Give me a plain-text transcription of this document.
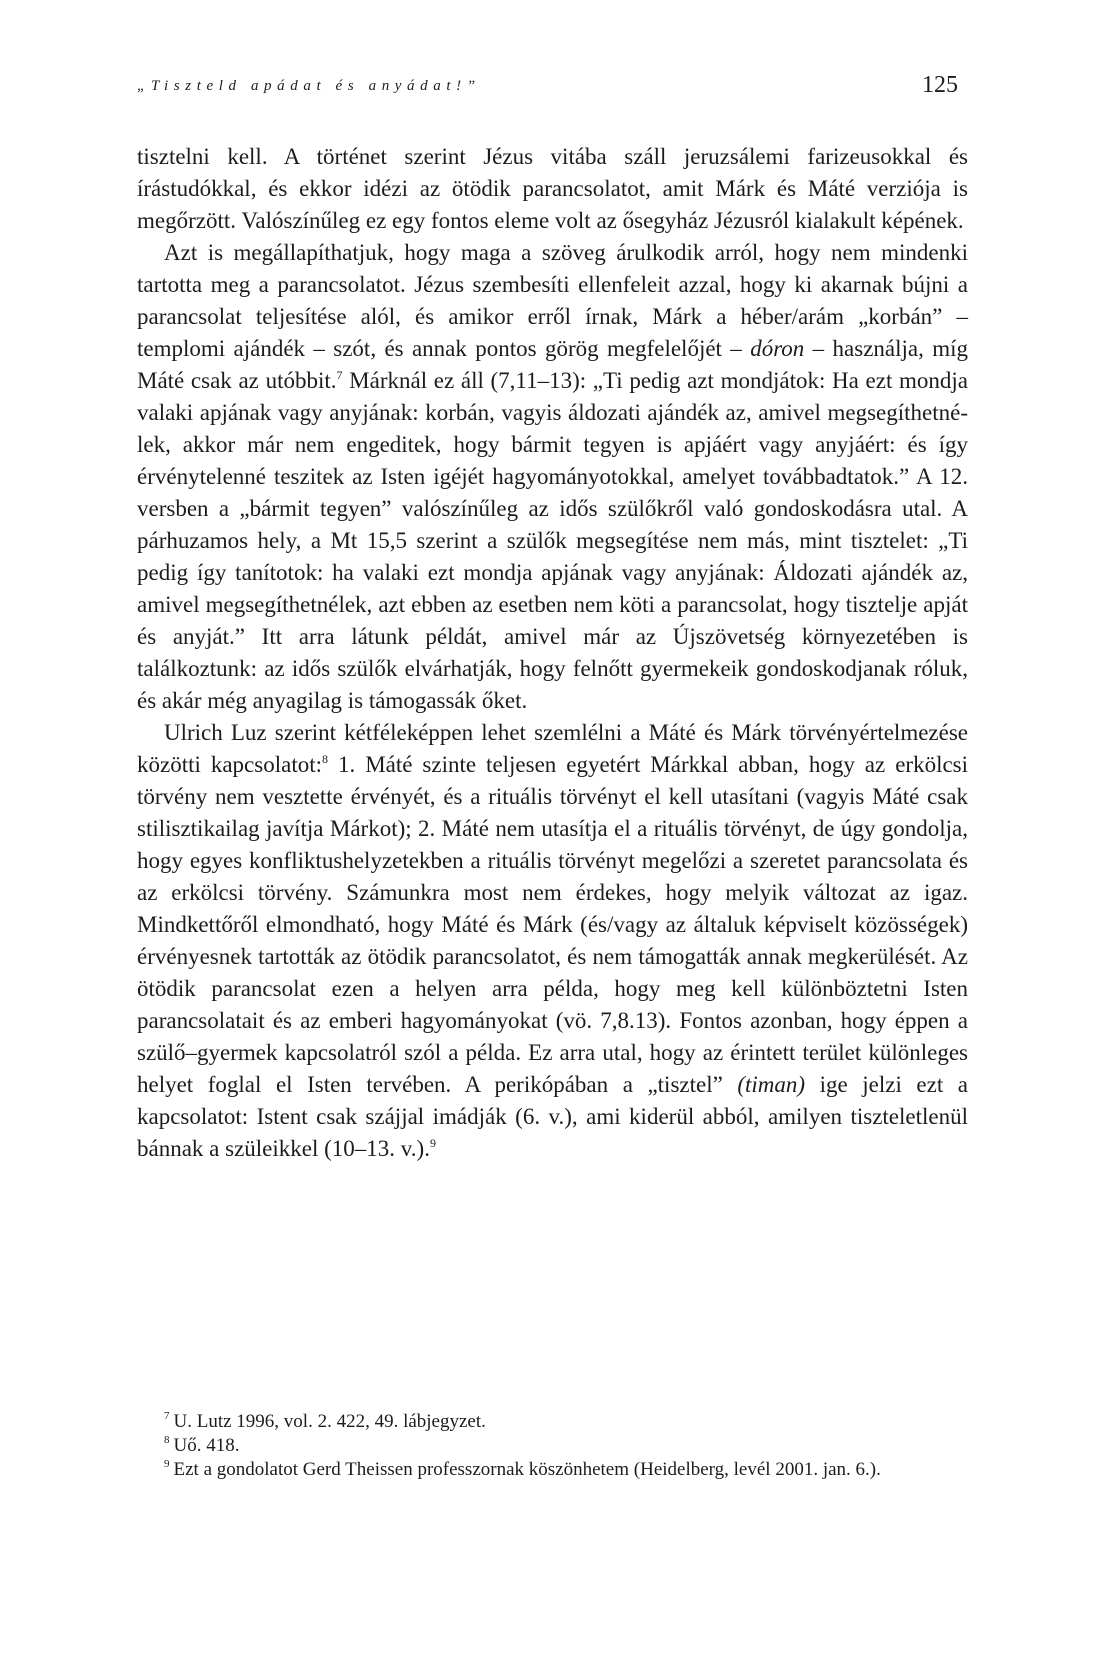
„Tiszteld apádat és anyádat!”	125

tisztelni kell. A történet szerint Jézus vitába száll jeruzsálemi farizeusokkal és írástudókkal, és ekkor idézi az ötödik parancsolatot, amit Márk és Máté verziója is megőrzött. Valószínűleg ez egy fontos eleme volt az ősegyház Jézusról kialakult képének.

Azt is megállapíthatjuk, hogy maga a szöveg árulkodik arról, hogy nem mindenki tartotta meg a parancsolatot. Jézus szembesíti ellenfeleit azzal, hogy ki akarnak bújni a parancsolat teljesítése alól, és amikor erről írnak, Márk a héber/arám „korbán” – templomi ajándék – szót, és annak pontos görög megfelelőjét – dóron – használja, míg Máté csak az utóbbit.$^7$ Márknál ez áll (7,11–13): „Ti pedig azt mondjátok: Ha ezt mondja valaki apjának vagy anyjának: korbán, vagyis áldozati ajándék az, amivel megsegíthetnélek, akkor már nem engeditek, hogy bármit tegyen is apjáért vagy anyjáért: és így érvénytelenné teszitek az Isten igéjét hagyományotokkal, amelyet továbbadtatok.” A 12. versben a „bármit tegyen” valószínűleg az idős szülőkről való gondoskodásra utal. A párhuzamos hely, a Mt 15,5 szerint a szülők megsegítése nem más, mint tisztelet: „Ti pedig így tanítotok: ha valaki ezt mondja apjának vagy anyjának: Áldozati ajándék az, amivel megsegíthetnélek, azt ebben az esetben nem köti a parancsolat, hogy tisztelje apját és anyját.” Itt arra látunk példát, amivel már az Újszövetség környezetében is találkoztunk: az idős szülők elvárhatják, hogy felnőtt gyermekeik gondoskodjanak róluk, és akár még anyagilag is támogassák őket.

Ulrich Luz szerint kétféleképpen lehet szemlélni a Máté és Márk törvényértelmezése közötti kapcsolatot:$^8$ 1. Máté szinte teljesen egyetért Márkkal abban, hogy az erkölcsi törvény nem vesztette érvényét, és a rituális törvényt el kell utasítani (vagyis Máté csak stilisztikailag javítja Márkot); 2. Máté nem utasítja el a rituális törvényt, de úgy gondolja, hogy egyes konfliktushelyzetekben a rituális törvényt megelőzi a szeretet parancsolata és az erkölcsi törvény. Számunkra most nem érdekes, hogy melyik változat az igaz. Mindkettőről elmondható, hogy Máté és Márk (és/vagy az általuk képviselt közösségek) érvényesnek tartották az ötödik parancsolatot, és nem támogatták annak megkerülését. Az ötödik parancsolat ezen a helyen arra példa, hogy meg kell különböztetni Isten parancsolatait és az emberi hagyományokat (vö. 7,8.13). Fontos azonban, hogy éppen a szülő–gyermek kapcsolatról szól a példa. Ez arra utal, hogy az érintett terület különleges helyet foglal el Isten tervében. A perikópában a „tisztel” (timan) ige jelzi ezt a kapcsolatot: Istent csak szájjal imádják (6. v.), ami kiderül abból, amilyen tiszteletlenül bánnak a szüleikkel (10–13. v.).$^9$

$^7$ U. Lutz 1996, vol. 2. 422, 49. lábjegyzet.

$^8$ Uő. 418.

$^9$ Ezt a gondolatot Gerd Theissen professzornak köszönhetem (Heidelberg, levél 2001. jan. 6.).
